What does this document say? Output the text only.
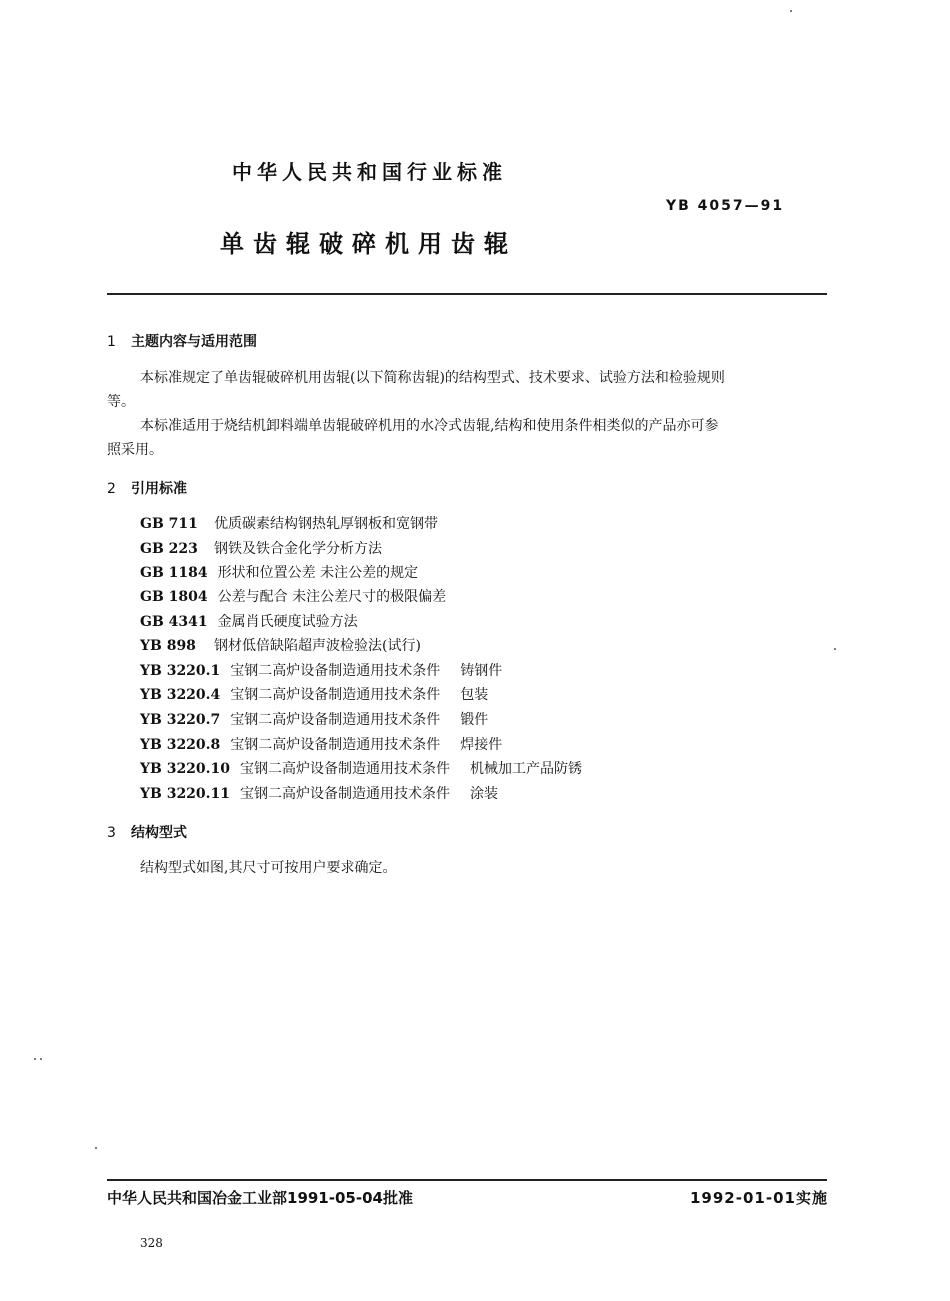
中华人民共和国行业标准
YB 4057—91
单齿辊破碎机用齿辊
1 主题内容与适用范围
本标准规定了单齿辊破碎机用齿辊(以下简称齿辊)的结构型式、技术要求、试验方法和检验规则
等。
本标准适用于烧结机卸料端单齿辊破碎机用的水冷式齿辊,结构和使用条件相类似的产品亦可参
照采用。
2 引用标准
GB 711 优质碳素结构钢热轧厚钢板和宽钢带
GB 223 钢铁及铁合金化学分析方法
GB 1184 形状和位置公差 未注公差的规定
GB 1804 公差与配合 未注公差尺寸的极限偏差
GB 4341 金属肖氏硬度试验方法
YB 898 钢材低倍缺陷超声波检验法(试行)
YB 3220.1 宝钢二高炉设备制造通用技术条件 铸钢件
YB 3220.4 宝钢二高炉设备制造通用技术条件 包装
YB 3220.7 宝钢二高炉设备制造通用技术条件 锻件
YB 3220.8 宝钢二高炉设备制造通用技术条件 焊接件
YB 3220.10 宝钢二高炉设备制造通用技术条件 机械加工产品防锈
YB 3220.11 宝钢二高炉设备制造通用技术条件 涂装
3 结构型式
结构型式如图,其尺寸可按用户要求确定。
中华人民共和国冶金工业部1991-05-04批准	1992-01-01实施
328
